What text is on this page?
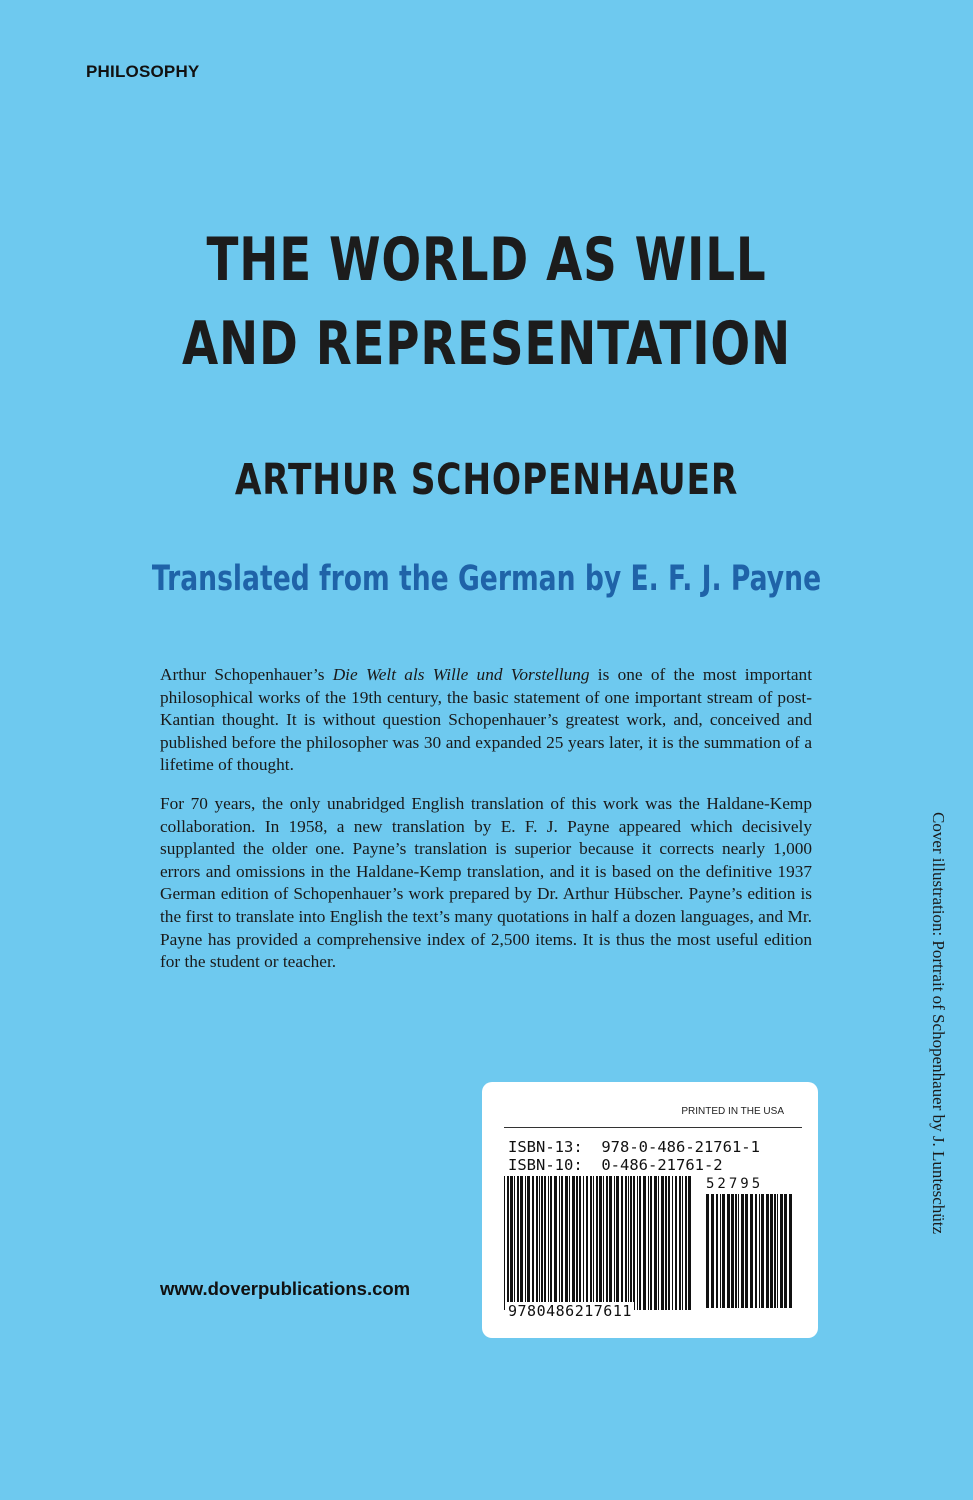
PHILOSOPHY
THE WORLD AS WILL
AND REPRESENTATION
ARTHUR SCHOPENHAUER
Translated from the German by E. F. J. Payne

Arthur Schopenhauer’s Die Welt als Wille und Vorstellung is one of the most important philosophical works of the 19th century, the basic statement of one important stream of post-Kantian thought. It is without question Schopenhauer’s greatest work, and, conceived and published before the philosopher was 30 and expanded 25 years later, it is the summation of a lifetime of thought.

For 70 years, the only unabridged English translation of this work was the Haldane-Kemp collaboration. In 1958, a new translation by E. F. J. Payne appeared which decisively supplanted the older one. Payne’s translation is superior because it corrects nearly 1,000 errors and omissions in the Haldane-Kemp translation, and it is based on the definitive 1937 German edition of Schopenhauer’s work prepared by Dr. Arthur Hübscher. Payne’s edition is the first to translate into English the text’s many quotations in half a dozen languages, and Mr. Payne has provided a comprehensive index of 2,500 items. It is thus the most useful edition for the student or teacher.	Cover illustration: Portrait of Schopenhauer by J. Lunteschütz
www.doverpublications.com
PRINTED IN THE USA
ISBN-13: 978-0-486-21761-1
ISBN-10: 0-486-21761-2
52795
9780486217611
